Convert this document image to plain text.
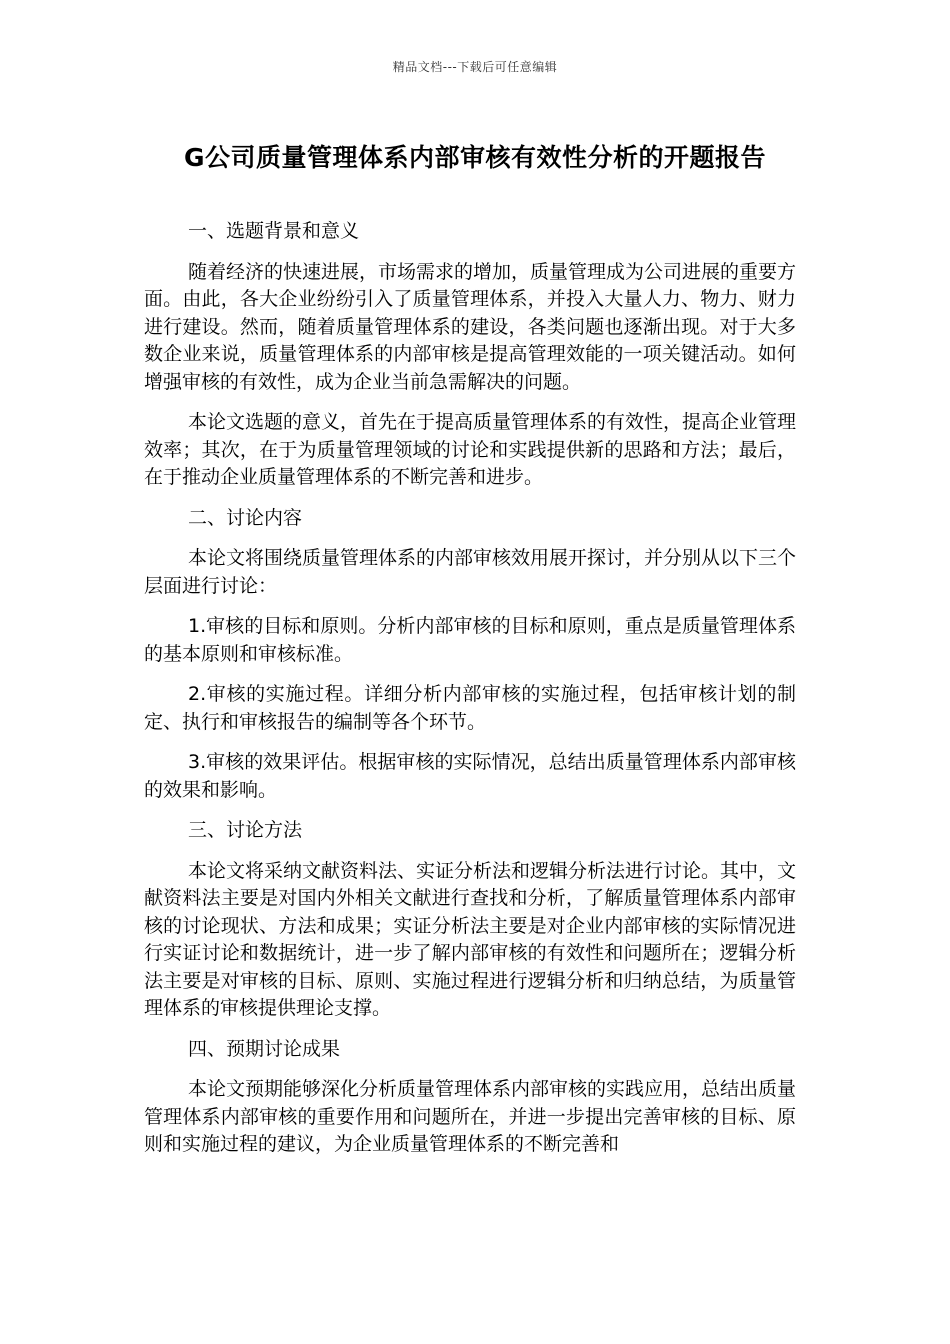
精品文档---下载后可任意编辑
G公司质量管理体系内部审核有效性分析的开题报告

一、选题背景和意义

随着经济的快速进展，市场需求的增加，质量管理成为公司进展的重要方面。由此，各大企业纷纷引入了质量管理体系，并投入大量人力、物力、财力进行建设。然而，随着质量管理体系的建设，各类问题也逐渐出现。对于大多数企业来说，质量管理体系的内部审核是提高管理效能的一项关键活动。如何增强审核的有效性，成为企业当前急需解决的问题。

本论文选题的意义，首先在于提高质量管理体系的有效性，提高企业管理效率；其次，在于为质量管理领域的讨论和实践提供新的思路和方法；最后，在于推动企业质量管理体系的不断完善和进步。

二、讨论内容

本论文将围绕质量管理体系的内部审核效用展开探讨，并分别从以下三个层面进行讨论：

1.审核的目标和原则。分析内部审核的目标和原则，重点是质量管理体系的基本原则和审核标准。

2.审核的实施过程。详细分析内部审核的实施过程，包括审核计划的制定、执行和审核报告的编制等各个环节。

3.审核的效果评估。根据审核的实际情况，总结出质量管理体系内部审核的效果和影响。

三、讨论方法

本论文将采纳文献资料法、实证分析法和逻辑分析法进行讨论。其中，文献资料法主要是对国内外相关文献进行查找和分析，了解质量管理体系内部审核的讨论现状、方法和成果；实证分析法主要是对企业内部审核的实际情况进行实证讨论和数据统计，进一步了解内部审核的有效性和问题所在；逻辑分析法主要是对审核的目标、原则、实施过程进行逻辑分析和归纳总结，为质量管理体系的审核提供理论支撑。

四、预期讨论成果

本论文预期能够深化分析质量管理体系内部审核的实践应用，总结出质量管理体系内部审核的重要作用和问题所在，并进一步提出完善审核的目标、原则和实施过程的建议，为企业质量管理体系的不断完善和
